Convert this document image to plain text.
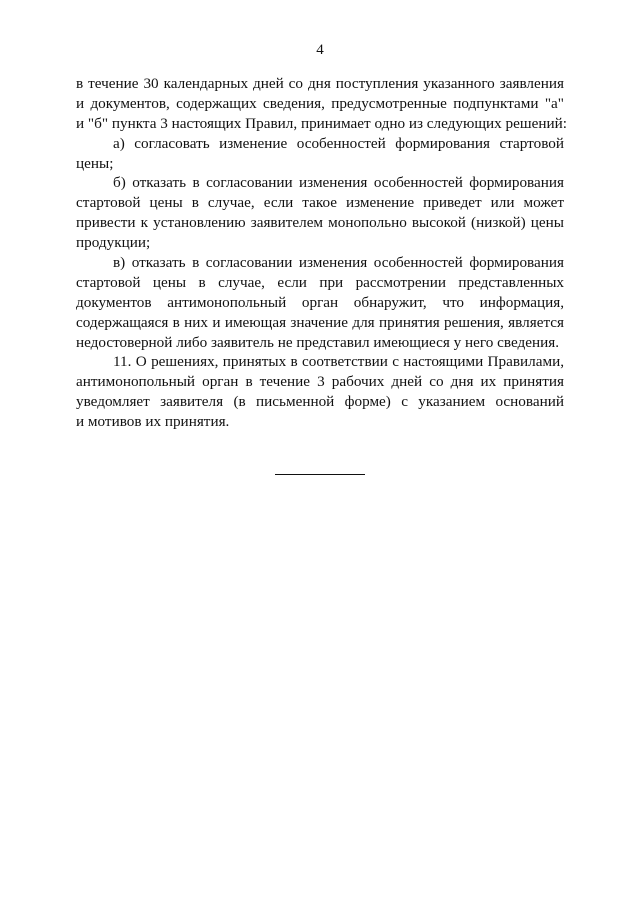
4
в течение 30 календарных дней со дня поступления указанного заявления
и документов, содержащих сведения, предусмотренные подпунктами "а"
и "б" пункта 3 настоящих Правил, принимает одно из следующих решений:
а) согласовать изменение особенностей формирования стартовой
цены;
б) отказать в согласовании изменения особенностей формирования
стартовой цены в случае, если такое изменение приведет или может
привести к установлению заявителем монопольно высокой (низкой) цены
продукции;
в) отказать в согласовании изменения особенностей формирования
стартовой цены в случае, если при рассмотрении представленных
документов антимонопольный орган обнаружит, что информация,
содержащаяся в них и имеющая значение для принятия решения, является
недостоверной либо заявитель не представил имеющиеся у него сведения.
11. О решениях, принятых в соответствии с настоящими Правилами,
антимонопольный орган в течение 3 рабочих дней со дня их принятия
уведомляет заявителя (в письменной форме) с указанием оснований
и мотивов их принятия.
